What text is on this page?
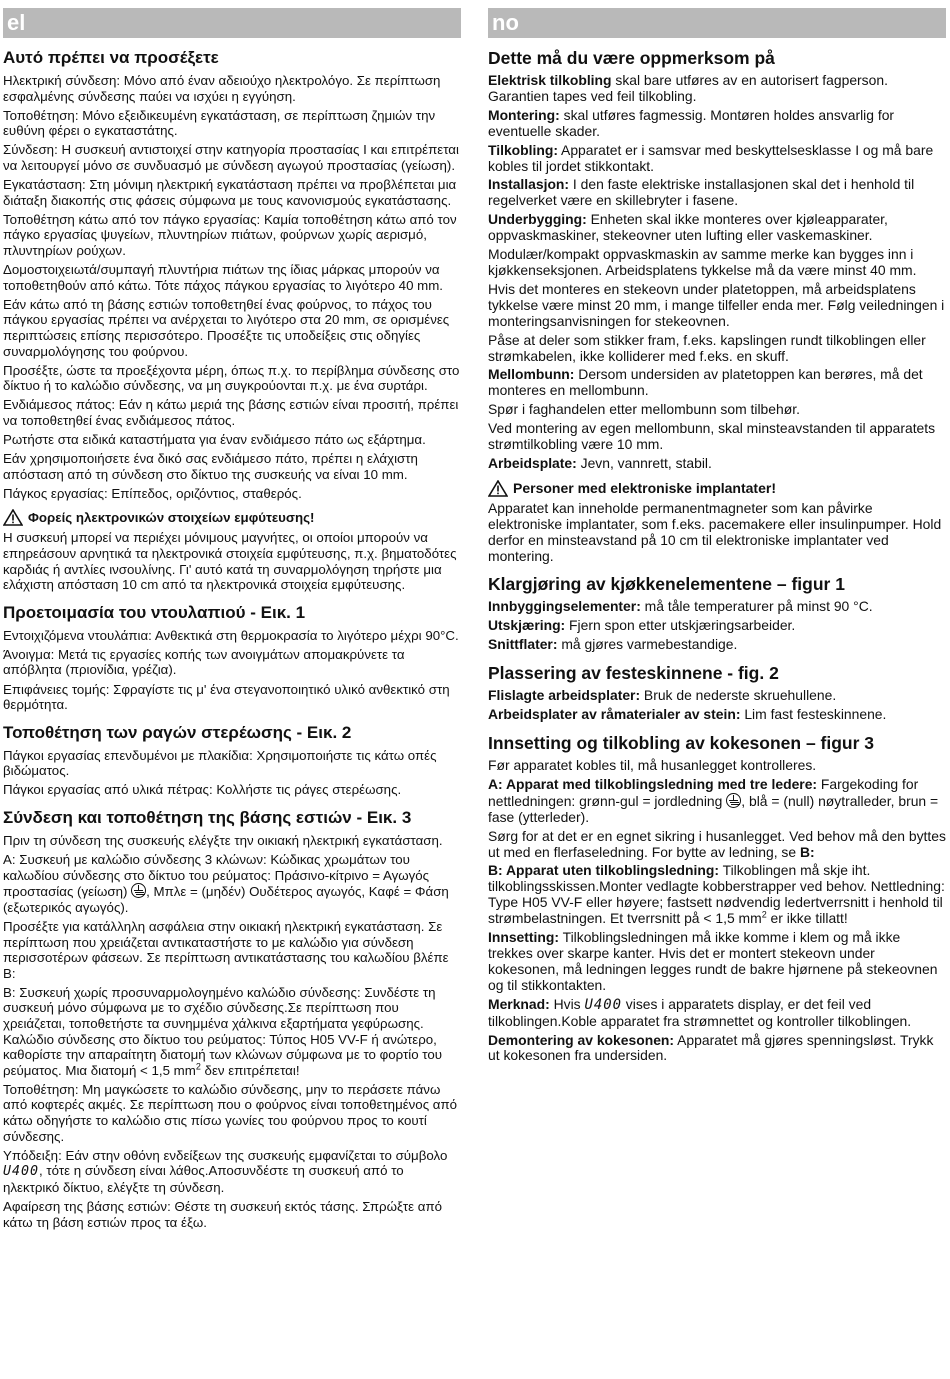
el
Αυτό πρέπει να προσέξετε

Ηλεκτρική σύνδεση: Μόνο από έναν αδειούχο ηλεκτρολόγο. Σε περίπτωση εσφαλμένης σύνδεσης παύει να ισχύει η εγγύηση.

Τοποθέτηση: Μόνο εξειδικευμένη εγκατάσταση, σε περίπτωση ζημιών την ευθύνη φέρει ο εγκαταστάτης.

Σύνδεση: Η συσκευή αντιστοιχεί στην κατηγορία προστασίας I και επιτρέπεται να λειτουργεί μόνο σε συνδυασμό με σύνδεση αγωγού προστασίας (γείωση).

Εγκατάσταση: Στη μόνιμη ηλεκτρική εγκατάσταση πρέπει να προβλέπεται μια διάταξη διακοπής στις φάσεις σύμφωνα με τους κανονισμούς εγκατάστασης.

Τοποθέτηση κάτω από τον πάγκο εργασίας: Καμία τοποθέτηση κάτω από τον πάγκο εργασίας ψυγείων, πλυντηρίων πιάτων, φούρνων χωρίς αερισμό, πλυντηρίων ρούχων.

Δομοστοιχειωτά/συμπαγή πλυντήρια πιάτων της ίδιας μάρκας μπορούν να τοποθετηθούν από κάτω. Τότε πάχος πάγκου εργασίας το λιγότερο 40 mm.

Εάν κάτω από τη βάσης εστιών τοποθετηθεί ένας φούρνος, το πάχος του πάγκου εργασίας πρέπει να ανέρχεται το λιγότερο στα 20 mm, σε ορισμένες περιπτώσεις επίσης περισσότερο. Προσέξτε τις υποδείξεις στις οδηγίες συναρμολόγησης του φούρνου.

Προσέξτε, ώστε τα προεξέχοντα μέρη, όπως π.χ. το περίβλημα σύνδεσης στο δίκτυο ή το καλώδιο σύνδεσης, να μη συγκρούονται π.χ. με ένα συρτάρι.

Ενδιάμεσος πάτος: Εάν η κάτω μεριά της βάσης εστιών είναι προσιτή, πρέπει να τοποθετηθεί ένας ενδιάμεσος πάτος.

Ρωτήστε στα ειδικά καταστήματα για έναν ενδιάμεσο πάτο ως εξάρτημα.

Εάν χρησιμοποιήσετε ένα δικό σας ενδιάμεσο πάτο, πρέπει η ελάχιστη απόσταση από τη σύνδεση στο δίκτυο της συσκευής να είναι 10 mm.

Πάγκος εργασίας: Επίπεδος, οριζόντιος, σταθερός.

Φορείς ηλεκτρονικών στοιχείων εμφύτευσης!

Η συσκευή μπορεί να περιέχει μόνιμους μαγνήτες, οι οποίοι μπορούν να επηρεάσουν αρνητικά τα ηλεκτρονικά στοιχεία εμφύτευσης, π.χ. βηματοδότες καρδιάς ή αντλίες ινσουλίνης. Γι' αυτό κατά τη συναρμολόγηση τηρήστε μια ελάχιστη απόσταση 10 cm από τα ηλεκτρονικά στοιχεία εμφύτευσης.

Προετοιμασία του ντουλαπιού - Εικ. 1

Εντοιχιζόμενα ντουλάπια: Ανθεκτικά στη θερμοκρασία το λιγότερο μέχρι 90°C.

Άνοιγμα: Μετά τις εργασίες κοπής των ανοιγμάτων απομακρύνετε τα απόβλητα (πριονίδια, γρέζια).

Επιφάνειες τομής: Σφραγίστε τις μ' ένα στεγανοποιητικό υλικό ανθεκτικό στη θερμότητα.

Τοποθέτηση των ραγών στερέωσης - Εικ. 2

Πάγκοι εργασίας επενδυμένοι με πλακίδια: Χρησιμοποιήστε τις κάτω οπές βιδώματος.

Πάγκοι εργασίας από υλικά πέτρας: Κολλήστε τις ράγες στερέωσης.

Σύνδεση και τοποθέτηση της βάσης εστιών - Εικ. 3

Πριν τη σύνδεση της συσκευής ελέγξτε την οικιακή ηλεκτρική εγκατάσταση.

A: Συσκευή με καλώδιο σύνδεσης 3 κλώνων: Κώδικας χρωμάτων του καλωδίου σύνδεσης στο δίκτυο του ρεύματος: Πράσινο-κίτρινο = Αγωγός προστασίας (γείωση) , Μπλε = (μηδέν) Ουδέτερος αγωγός, Καφέ = Φάση (εξωτερικός αγωγός).

Προσέξτε για κατάλληλη ασφάλεια στην οικιακή ηλεκτρική εγκατάσταση. Σε περίπτωση που χρειάζεται αντικαταστήστε το με καλώδιο για σύνδεση περισσοτέρων φάσεων. Σε περίπτωση αντικατάστασης του καλωδίου βλέπε B:

B: Συσκευή χωρίς προσυναρμολογημένο καλώδιο σύνδεσης: Συνδέστε τη συσκευή μόνο σύμφωνα με το σχέδιο σύνδεσης.Σε περίπτωση που χρειάζεται, τοποθετήστε τα συνημμένα χάλκινα εξαρτήματα γεφύρωσης. Καλώδιο σύνδεσης στο δίκτυο του ρεύματος: Τύπος H05 VV-F ή ανώτερο, καθορίστε την απαραίτητη διατομή των κλώνων σύμφωνα με το φορτίο του ρεύματος. Μια διατομή < 1,5 $mm^2$ δεν επιτρέπεται!

Τοποθέτηση: Μη μαγκώσετε το καλώδιο σύνδεσης, μην το περάσετε πάνω από κοφτερές ακμές. Σε περίπτωση που ο φούρνος είναι τοποθετημένος από κάτω οδηγήστε το καλώδιο στις πίσω γωνίες του φούρνου προς το κουτί σύνδεσης.

Υπόδειξη: Εάν στην οθόνη ενδείξεων της συσκευής εμφανίζεται το σύμβολο U400, τότε η σύνδεση είναι λάθος.Αποσυνδέστε τη συσκευή από το ηλεκτρικό δίκτυο, ελέγξτε τη σύνδεση.

Αφαίρεση της βάσης εστιών: Θέστε τη συσκευή εκτός τάσης. Σπρώξτε από κάτω τη βάση εστιών προς τα έξω.

no
Dette må du være oppmerksom på

Elektrisk tilkobling skal bare utføres av en autorisert fagperson. Garantien tapes ved feil tilkobling.

Montering: skal utføres fagmessig. Montøren holdes ansvarlig for eventuelle skader.

Tilkobling: Apparatet er i samsvar med beskyttelsesklasse I og må bare kobles til jordet stikkontakt.

Installasjon: I den faste elektriske installasjonen skal det i henhold til regelverket være en skillebryter i fasene.

Underbygging: Enheten skal ikke monteres over kjøleapparater, oppvaskmaskiner, stekeovner uten lufting eller vaskemaskiner.

Modulær/kompakt oppvaskmaskin av samme merke kan bygges inn i kjøkkenseksjonen. Arbeidsplatens tykkelse må da være minst 40 mm.

Hvis det monteres en stekeovn under platetoppen, må arbeidsplatens tykkelse være minst 20 mm, i mange tilfeller enda mer. Følg veiledningen i monteringsanvisningen for stekeovnen.

Påse at deler som stikker fram, f.eks. kapslingen rundt tilkoblingen eller strømkabelen, ikke kolliderer med f.eks. en skuff.

Mellombunn: Dersom undersiden av platetoppen kan berøres, må det monteres en mellombunn.

Spør i faghandelen etter mellombunn som tilbehør.

Ved montering av egen mellombunn, skal minsteavstanden til apparatets strømtilkobling være 10 mm.

Arbeidsplate: Jevn, vannrett, stabil.

Personer med elektroniske implantater!

Apparatet kan inneholde permanentmagneter som kan påvirke elektroniske implantater, som f.eks. pacemakere eller insulinpumper. Hold derfor en minsteavstand på 10 cm til elektroniske implantater ved montering.

Klargjøring av kjøkkenelementene – figur 1

Innbyggingselementer: må tåle temperaturer på minst 90 °C.

Utskjæring: Fjern spon etter utskjæringsarbeider.

Snittflater: må gjøres varmebestandige.

Plassering av festeskinnene - fig. 2

Flislagte arbeidsplater: Bruk de nederste skruehullene.

Arbeidsplater av råmaterialer av stein: Lim fast festeskinnene.

Innsetting og tilkobling av kokesonen – figur 3

Før apparatet kobles til, må husanlegget kontrolleres.

A: Apparat med tilkoblingsledning med tre ledere: Fargekoding for nettledningen: grønn-gul = jordledning , blå = (null) nøytralleder, brun = fase (ytterleder).

Sørg for at det er en egnet sikring i husanlegget. Ved behov må den byttes ut med en flerfaseledning. For bytte av ledning, se B:

B: Apparat uten tilkoblingsledning: Tilkoblingen må skje iht. tilkoblingsskissen.Monter vedlagte kobberstrapper ved behov. Nettledning: Type H05 VV-F eller høyere; fastsett nødvendig ledertverrsnitt i henhold til strømbelastningen. Et tverrsnitt på < 1,5 $mm^2$ er ikke tillatt!

Innsetting: Tilkoblingsledningen må ikke komme i klem og må ikke trekkes over skarpe kanter. Hvis det er montert stekeovn under kokesonen, må ledningen legges rundt de bakre hjørnene på stekeovnen og til stikkontakten.

Merknad: Hvis U400 vises i apparatets display, er det feil ved tilkoblingen.Koble apparatet fra strømnettet og kontroller tilkoblingen.

Demontering av kokesonen: Apparatet må gjøres spenningsløst. Trykk ut kokesonen fra undersiden.
